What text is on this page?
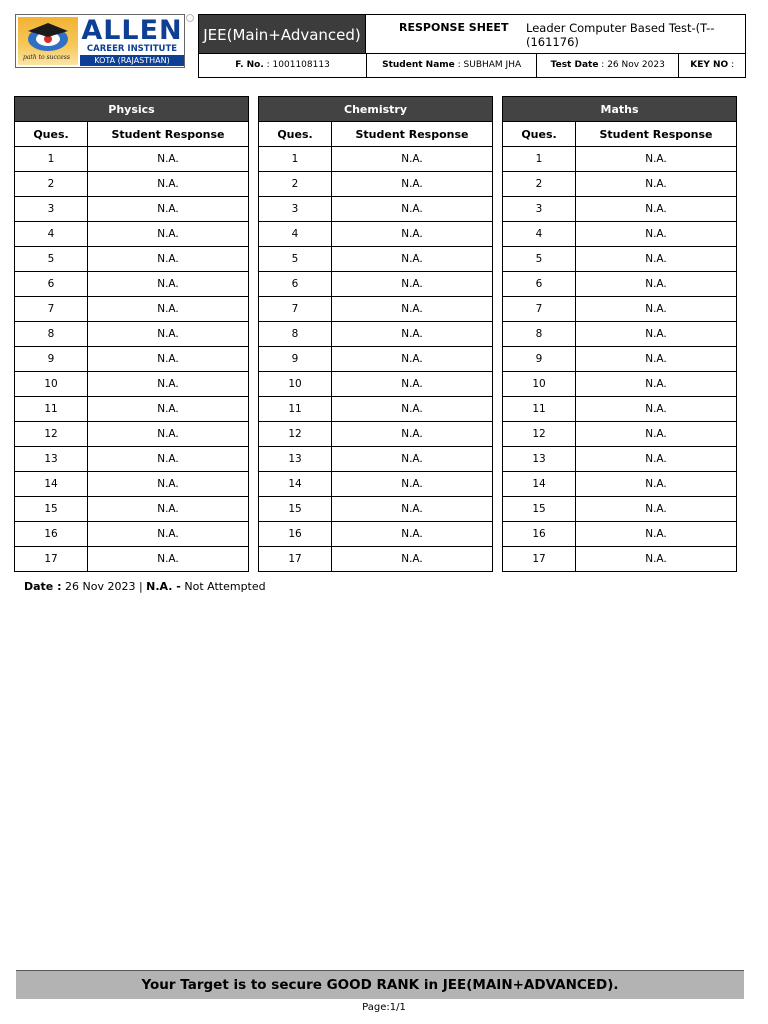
path to success
ALLEN
CAREER INSTITUTE
KOTA (RAJASTHAN)
JEE(Main+Advanced)	RESPONSE SHEET Leader Computer Based Test-(T--(161176)
F. No. : 1001108113	Student Name : SUBHAM JHA	Test Date : 26 Nov 2023	KEY NO :
Physics	
Ques.	Student Response
1	N.A.
2	N.A.
3	N.A.
4	N.A.
5	N.A.
6	N.A.
7	N.A.
8	N.A.
9	N.A.
10	N.A.
11	N.A.
12	N.A.
13	N.A.
14	N.A.
15	N.A.
16	N.A.
17	N.A.
Chemistry	
Ques.	Student Response
1	N.A.
2	N.A.
3	N.A.
4	N.A.
5	N.A.
6	N.A.
7	N.A.
8	N.A.
9	N.A.
10	N.A.
11	N.A.
12	N.A.
13	N.A.
14	N.A.
15	N.A.
16	N.A.
17	N.A.
Maths	
Ques.	Student Response
1	N.A.
2	N.A.
3	N.A.
4	N.A.
5	N.A.
6	N.A.
7	N.A.
8	N.A.
9	N.A.
10	N.A.
11	N.A.
12	N.A.
13	N.A.
14	N.A.
15	N.A.
16	N.A.
17	N.A.
Date : 26 Nov 2023 | N.A. - Not Attempted
Your Target is to secure GOOD RANK in JEE(MAIN+ADVANCED).
Page:1/1
